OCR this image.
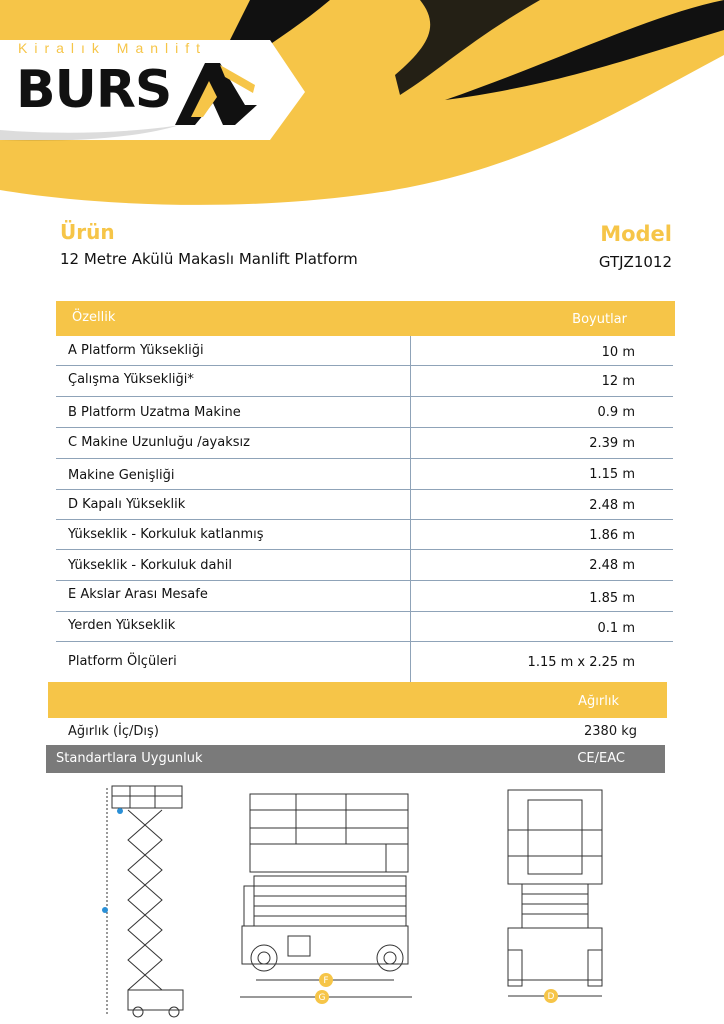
Kiralık Manlift
BURS
Ürün
12 Metre Akülü Makaslı Manlift Platform
Model
GTJZ1012
Özellik	Boyutlar
A Platform Yüksekliği	10 m
Çalışma Yüksekliği*	12 m
B Platform Uzatma Makine	0.9 m
C Makine Uzunluğu /ayaksız	2.39 m
Makine Genişliği	1.15 m
D Kapalı Yükseklik	2.48 m
Yükseklik - Korkuluk katlanmış	1.86 m
Yükseklik - Korkuluk dahil	2.48 m
E Akslar Arası Mesafe	1.85 m
Yerden Yükseklik	0.1 m
Platform Ölçüleri	1.15 m x 2.25 m
Ağırlık
Ağırlık (İç/Dış)	2380 kg
Standartlara Uygunluk	CE/EAC
F
G	D
